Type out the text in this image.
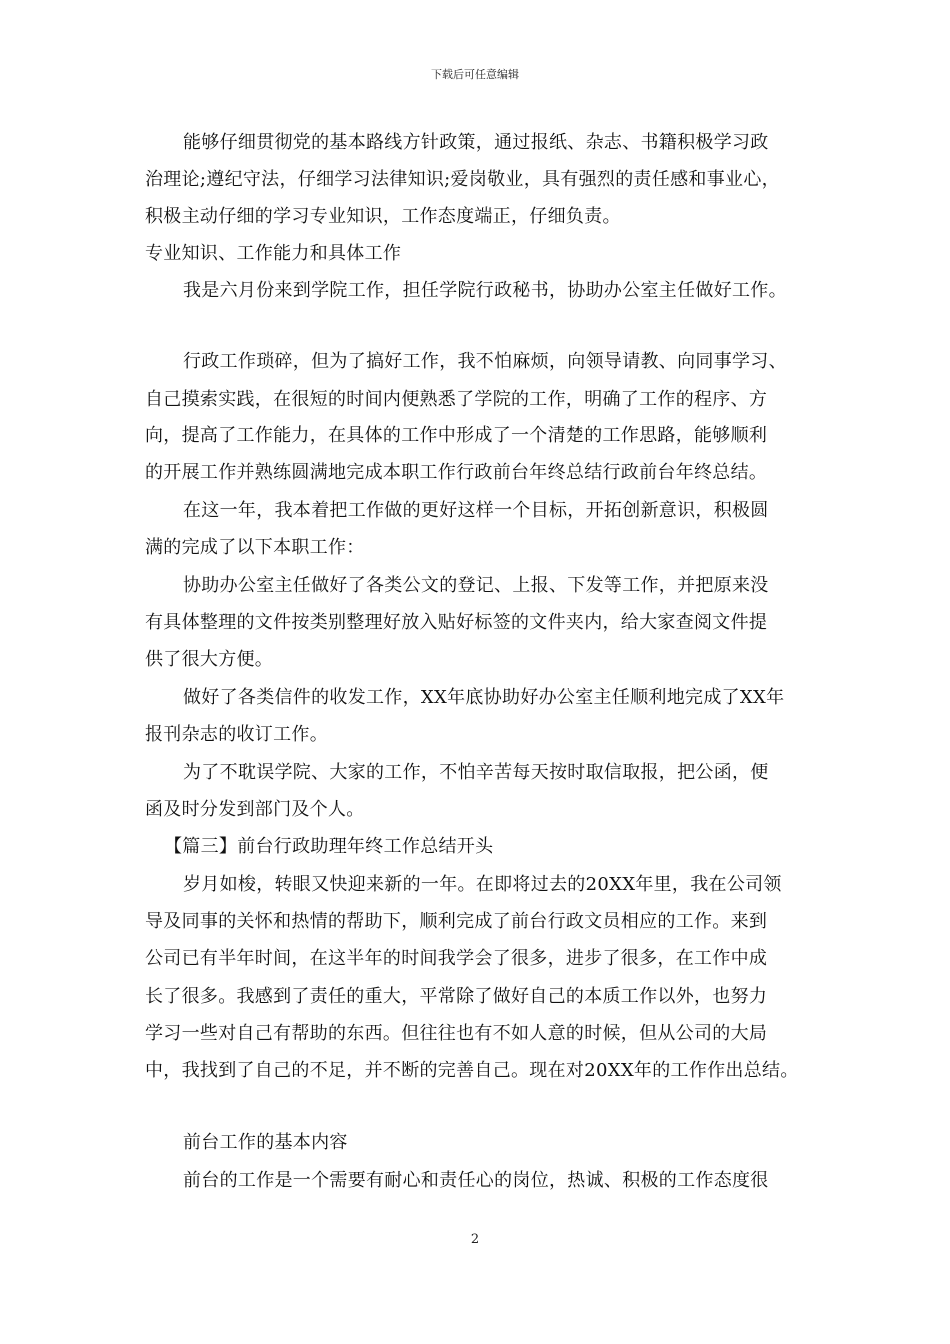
下载后可任意编辑
能够仔细贯彻党的基本路线方针政策，通过报纸、杂志、书籍积极学习政
治理论;遵纪守法，仔细学习法律知识;爱岗敬业，具有强烈的责任感和事业心，
积极主动仔细的学习专业知识，工作态度端正，仔细负责。
专业知识、工作能力和具体工作
我是六月份来到学院工作，担任学院行政秘书，协助办公室主任做好工作。
行政工作琐碎，但为了搞好工作，我不怕麻烦，向领导请教、向同事学习、
自己摸索实践，在很短的时间内便熟悉了学院的工作，明确了工作的程序、方
向，提高了工作能力，在具体的工作中形成了一个清楚的工作思路，能够顺利
的开展工作并熟练圆满地完成本职工作行政前台年终总结行政前台年终总结。
在这一年，我本着把工作做的更好这样一个目标，开拓创新意识，积极圆
满的完成了以下本职工作：
协助办公室主任做好了各类公文的登记、上报、下发等工作，并把原来没
有具体整理的文件按类别整理好放入贴好标签的文件夹内，给大家查阅文件提
供了很大方便。
做好了各类信件的收发工作，XX年底协助好办公室主任顺利地完成了XX年
报刊杂志的收订工作。
为了不耽误学院、大家的工作，不怕辛苦每天按时取信取报，把公函，便
函及时分发到部门及个人。
【篇三】前台行政助理年终工作总结开头
岁月如梭，转眼又快迎来新的一年。在即将过去的20XX年里，我在公司领
导及同事的关怀和热情的帮助下，顺利完成了前台行政文员相应的工作。来到
公司已有半年时间，在这半年的时间我学会了很多，进步了很多，在工作中成
长了很多。我感到了责任的重大，平常除了做好自己的本质工作以外，也努力
学习一些对自己有帮助的东西。但往往也有不如人意的时候，但从公司的大局
中，我找到了自己的不足，并不断的完善自己。现在对20XX年的工作作出总结。
前台工作的基本内容
前台的工作是一个需要有耐心和责任心的岗位，热诚、积极的工作态度很
2
